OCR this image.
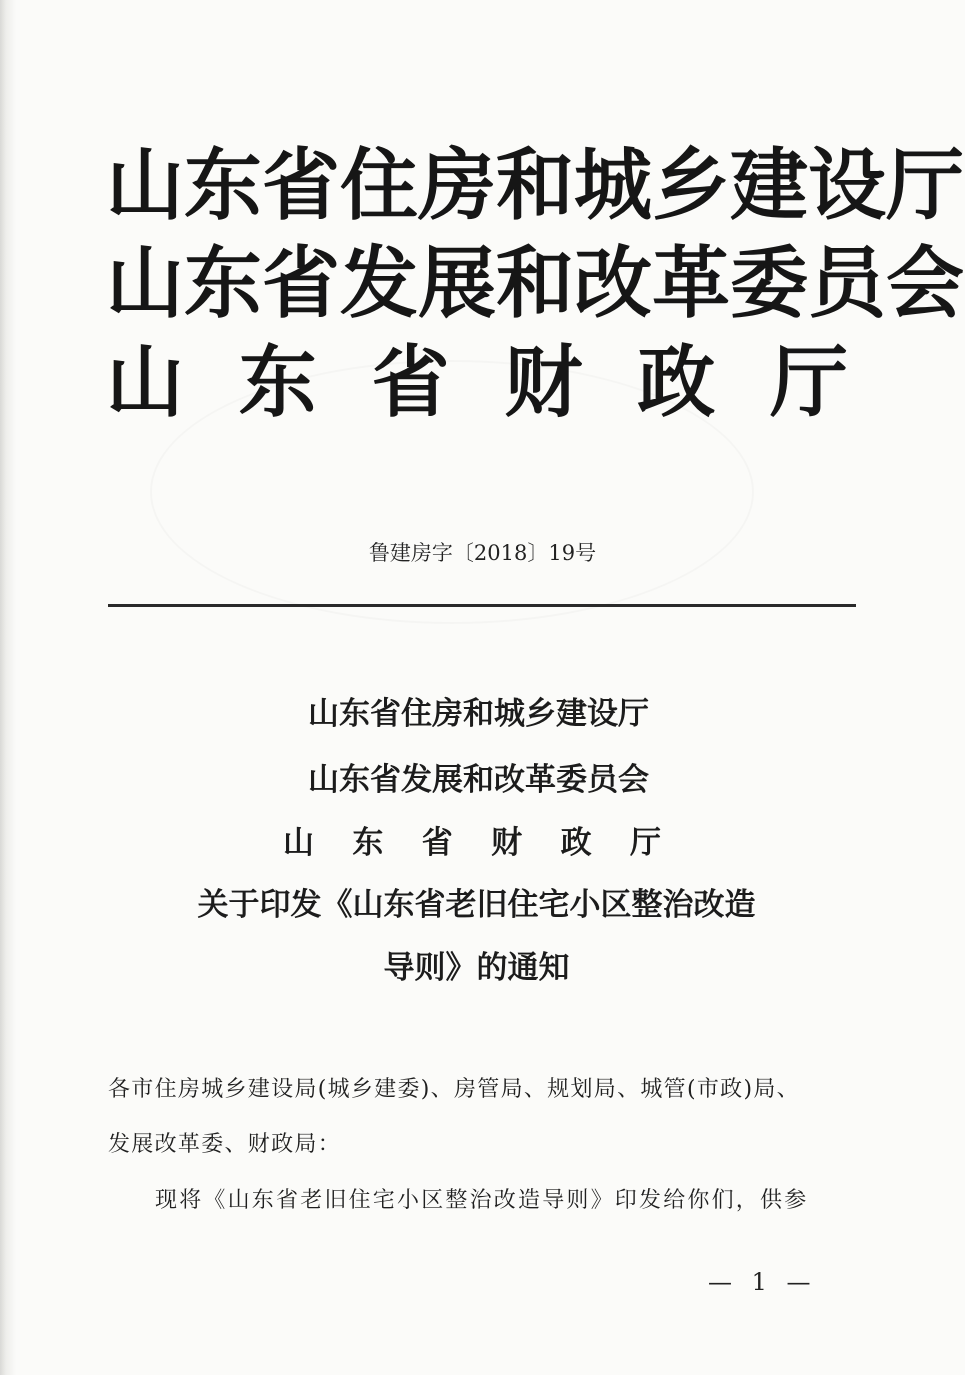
山东省住房和城乡建设厅
山东省发展和改革委员会
山 东 省 财 政 厅
鲁建房字〔2018〕19号
山东省住房和城乡建设厅
山东省发展和改革委员会
山 东 省 财 政 厅
关于印发《山东省老旧住宅小区整治改造
导则》的通知
各市住房城乡建设局(城乡建委)、房管局、规划局、城管(市政)局、
发展改革委、财政局：
现将《山东省老旧住宅小区整治改造导则》印发给你们，供参
— 1 —
